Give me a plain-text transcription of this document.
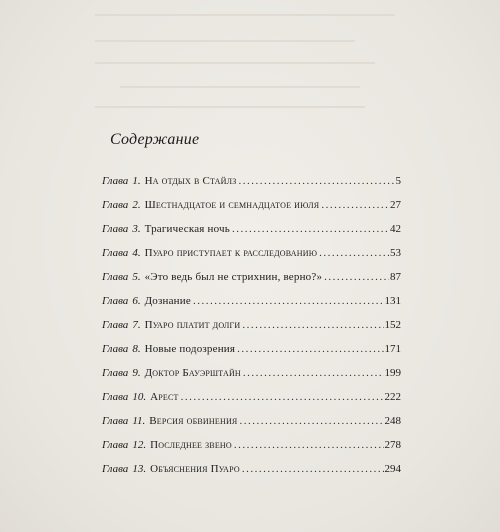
Содержание
Глава 1. На отдых в Стайлз .....	5
Глава 2. Шестнадцатое и семнадцатое июля .....	27
Глава 3. Трагическая ночь .....	42
Глава 4. Пуаро приступает к расследованию .....	53
Глава 5. «Это ведь был не стрихнин, верно?» .....	87
Глава 6. Дознание .....	131
Глава 7. Пуаро платит долги .....	152
Глава 8. Новые подозрения .....	171
Глава 9. Доктор Бауэрштайн .....	199
Глава 10. Арест .....	222
Глава 11. Версия обвинения .....	248
Глава 12. Последнее звено .....	278
Глава 13. Объяснения Пуаро .....	294
